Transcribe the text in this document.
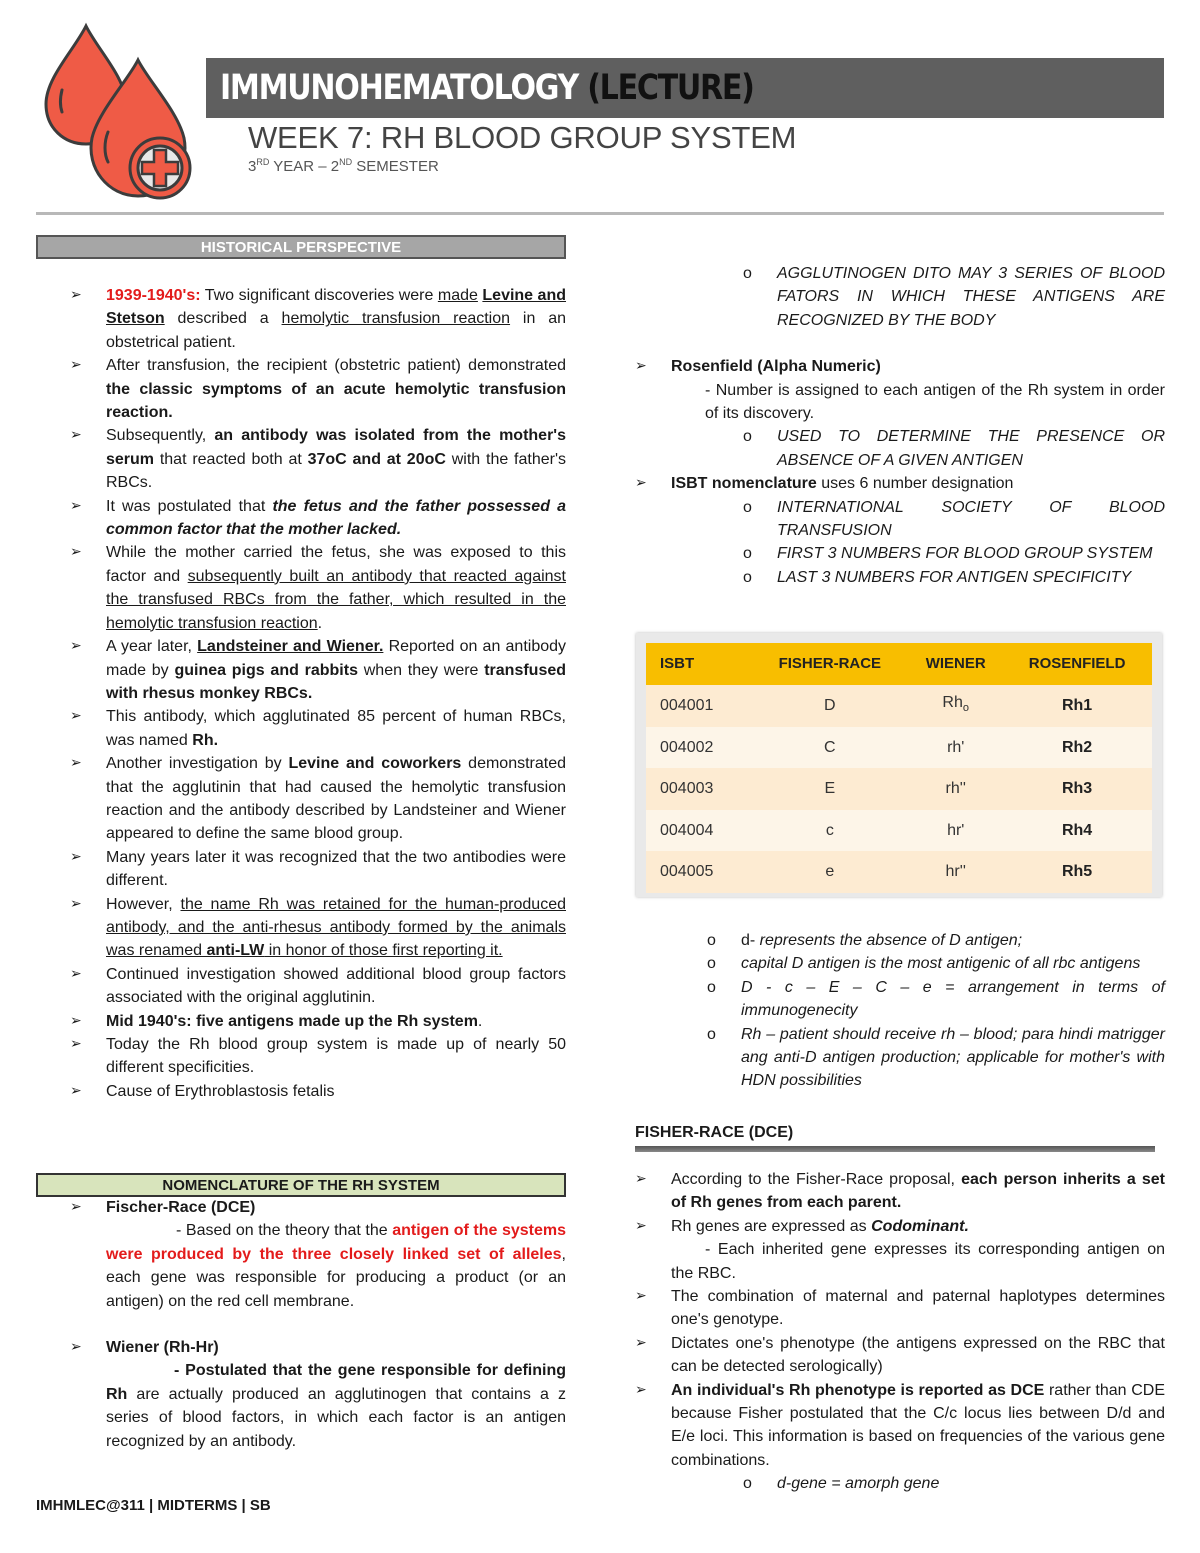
IMMUNOHEMATOLOGY (LECTURE)
WEEK 7: RH BLOOD GROUP SYSTEM
3RD YEAR – 2ND SEMESTER
HISTORICAL PERSPECTIVE
➢ 1939-1940's: Two significant discoveries were made Levine and Stetson described a hemolytic transfusion reaction in an obstetrical patient.
➢ After transfusion, the recipient (obstetric patient) demonstrated the classic symptoms of an acute hemolytic transfusion reaction.
➢ Subsequently, an antibody was isolated from the mother's serum that reacted both at 37oC and at 20oC with the father's RBCs.
➢ It was postulated that the fetus and the father possessed a common factor that the mother lacked.
➢ While the mother carried the fetus, she was exposed to this factor and subsequently built an antibody that reacted against the transfused RBCs from the father, which resulted in the hemolytic transfusion reaction.
➢ A year later, Landsteiner and Wiener. Reported on an antibody made by guinea pigs and rabbits when they were transfused with rhesus monkey RBCs.
➢ This antibody, which agglutinated 85 percent of human RBCs, was named Rh.
➢ Another investigation by Levine and coworkers demonstrated that the agglutinin that had caused the hemolytic transfusion reaction and the antibody described by Landsteiner and Wiener appeared to define the same blood group.
➢ Many years later it was recognized that the two antibodies were different.
➢ However, the name Rh was retained for the human-produced antibody, and the anti-rhesus antibody formed by the animals was renamed anti-LW in honor of those first reporting it.
➢ Continued investigation showed additional blood group factors associated with the original agglutinin.
➢ Mid 1940's: five antigens made up the Rh system.
➢ Today the Rh blood group system is made up of nearly 50 different specificities.
➢ Cause of Erythroblastosis fetalis
NOMENCLATURE OF THE RH SYSTEM
➢ Fischer-Race (DCE)
- Based on the theory that the antigen of the systems were produced by the three closely linked set of alleles, each gene was responsible for producing a product (or an antigen) on the red cell membrane.
➢ Wiener (Rh-Hr)
- Postulated that the gene responsible for defining Rh are actually produced an agglutinogen that contains a z series of blood factors, in which each factor is an antigen recognized by an antibody.
o AGGLUTINOGEN DITO MAY 3 SERIES OF BLOOD FATORS IN WHICH THESE ANTIGENS ARE RECOGNIZED BY THE BODY
➢ Rosenfield (Alpha Numeric)
- Number is assigned to each antigen of the Rh system in order of its discovery.
o USED TO DETERMINE THE PRESENCE OR ABSENCE OF A GIVEN ANTIGEN
➢ ISBT nomenclature uses 6 number designation
o INTERNATIONAL SOCIETY OF BLOOD TRANSFUSION
o FIRST 3 NUMBERS FOR BLOOD GROUP SYSTEM
o LAST 3 NUMBERS FOR ANTIGEN SPECIFICITY
ISBT	FISHER-RACE	WIENER	ROSENFIELD
004001	D	$Rh_o$	Rh1
004002	C	rh'	Rh2
004003	E	rh''	Rh3
004004	c	hr'	Rh4
004005	e	hr''	Rh5
o d- represents the absence of D antigen;
o capital D antigen is the most antigenic of all rbc antigens
o D - c – E – C – e = arrangement in terms of immunogenecity
o Rh – patient should receive rh – blood; para hindi matrigger ang anti-D antigen production; applicable for mother's with HDN possibilities
FISHER-RACE (DCE)
➢ According to the Fisher-Race proposal, each person inherits a set of Rh genes from each parent.
➢ Rh genes are expressed as Codominant.
- Each inherited gene expresses its corresponding antigen on the RBC.
➢ The combination of maternal and paternal haplotypes determines one's genotype.
➢ Dictates one's phenotype (the antigens expressed on the RBC that can be detected serologically)
➢ An individual's Rh phenotype is reported as DCE rather than CDE because Fisher postulated that the C/c locus lies between D/d and E/e loci. This information is based on frequencies of the various gene combinations.
o d-gene = amorph gene
IMHMLEC@311 | MIDTERMS | SB
